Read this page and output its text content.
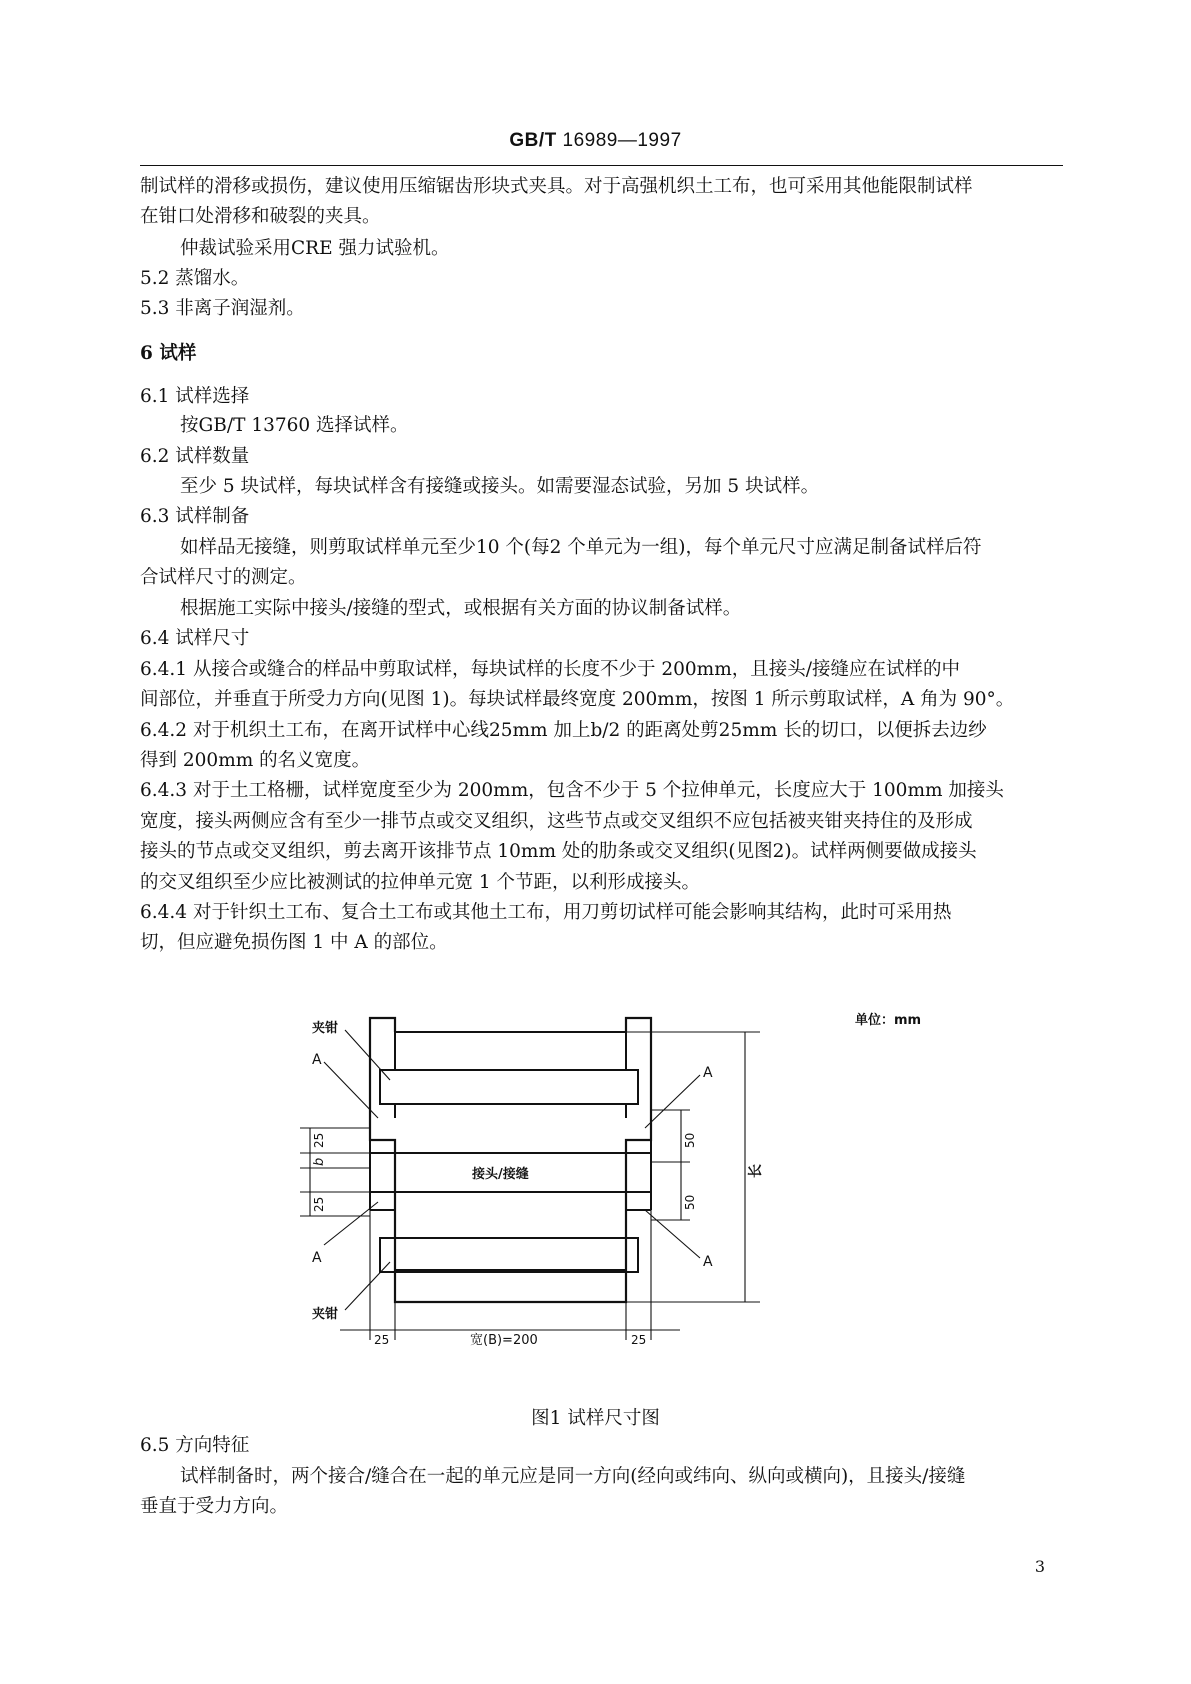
GB/T 16989—1997
制试样的滑移或损伤，建议使用压缩锯齿形块式夹具。对于高强机织土工布，也可采用其他能限制试样
在钳口处滑移和破裂的夹具。
仲裁试验采用CRE 强力试验机。
5.2 蒸馏水。
5.3 非离子润湿剂。
6 试样
6.1 试样选择
按GB/T 13760 选择试样。
6.2 试样数量
至少 5 块试样，每块试样含有接缝或接头。如需要湿态试验，另加 5 块试样。
6.3 试样制备
如样品无接缝，则剪取试样单元至少10 个(每2 个单元为一组)，每个单元尺寸应满足制备试样后符
合试样尺寸的测定。
根据施工实际中接头/接缝的型式，或根据有关方面的协议制备试样。
6.4 试样尺寸
6.4.1 从接合或缝合的样品中剪取试样，每块试样的长度不少于 200mm，且接头/接缝应在试样的中
间部位，并垂直于所受力方向(见图 1)。每块试样最终宽度 200mm，按图 1 所示剪取试样，A 角为 90°。
6.4.2 对于机织土工布，在离开试样中心线25mm 加上b/2 的距离处剪25mm 长的切口，以便拆去边纱
得到 200mm 的名义宽度。
6.4.3 对于土工格栅，试样宽度至少为 200mm，包含不少于 5 个拉伸单元，长度应大于 100mm 加接头
宽度，接头两侧应含有至少一排节点或交叉组织，这些节点或交叉组织不应包括被夹钳夹持住的及形成
接头的节点或交叉组织，剪去离开该排节点 10mm 处的肋条或交叉组织(见图2)。试样两侧要做成接头
的交叉组织至少应比被测试的拉伸单元宽 1 个节距，以利形成接头。
6.4.4 对于针织土工布、复合土工布或其他土工布，用刀剪切试样可能会影响其结构，此时可采用热
切，但应避免损伤图 1 中 A 的部位。
单位：mm
夹钳
夹钳
A
A
A	A
接头/接缝
25
b
25
50
50
长
25	宽(B)=200	25
图1 试样尺寸图
6.5 方向特征
试样制备时，两个接合/缝合在一起的单元应是同一方向(经向或纬向、纵向或横向)，且接头/接缝
垂直于受力方向。
3
